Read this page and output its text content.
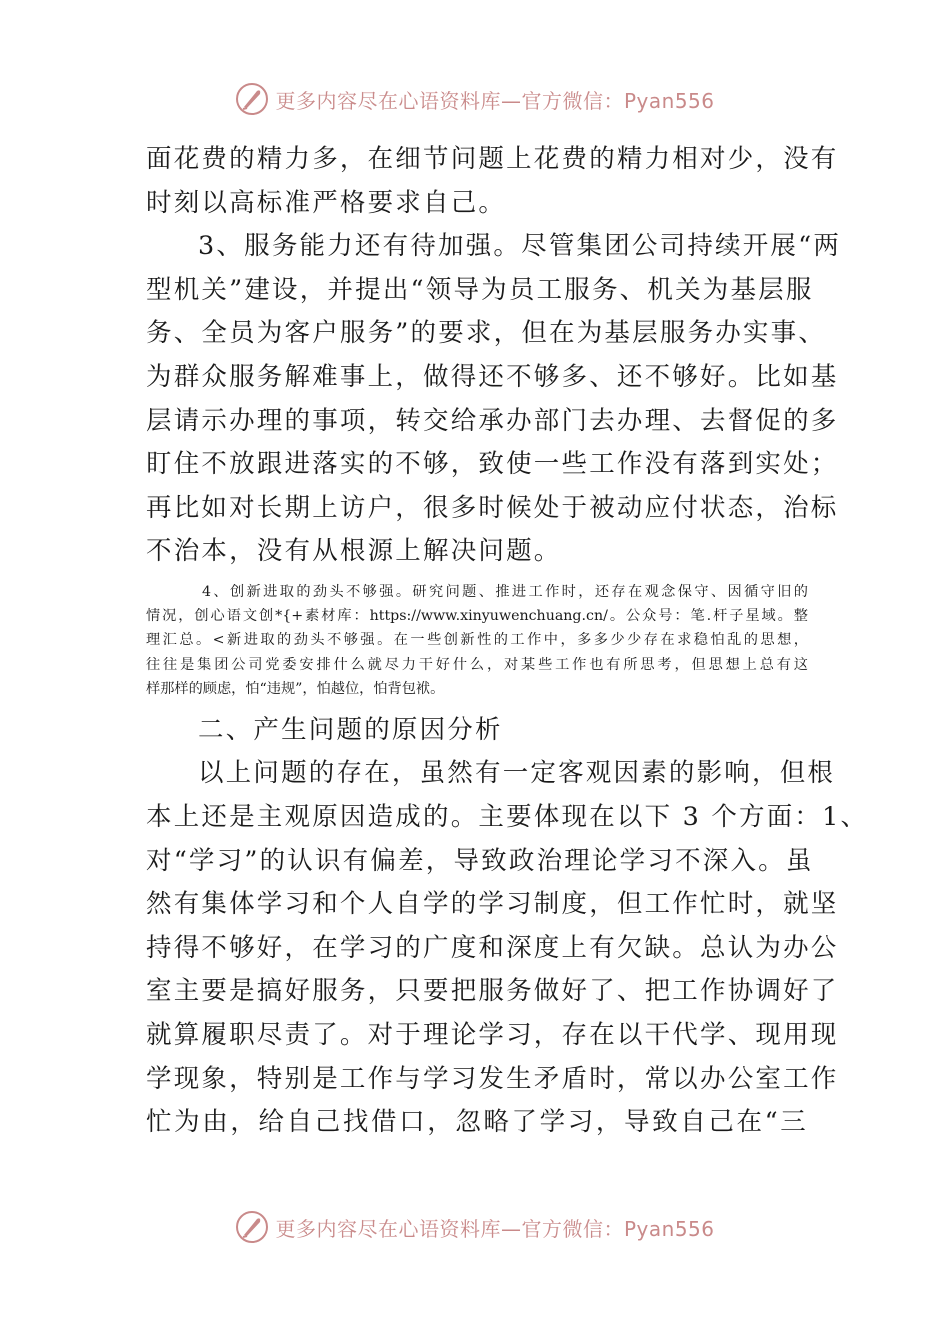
更多内容尽在心语资料库—官方微信：Pyan556
面花费的精力多，在细节问题上花费的精力相对少，没有
时刻以高标准严格要求自己。
3、服务能力还有待加强。尽管集团公司持续开展“两
型机关”建设，并提出“领导为员工服务、机关为基层服
务、全员为客户服务”的要求，但在为基层服务办实事、
为群众服务解难事上，做得还不够多、还不够好。比如基
层请示办理的事项，转交给承办部门去办理、去督促的多
盯住不放跟进落实的不够，致使一些工作没有落到实处；
再比如对长期上访户，很多时候处于被动应付状态，治标
不治本，没有从根源上解决问题。
4、创新进取的劲头不够强。研究问题、推进工作时，还存在观念保守、因循守旧的
情况，创心语文创*{+素材库：https://www.xinyuwenchuang.cn/。公众号：笔.杆子星域。整
理汇总。<新进取的劲头不够强。在一些创新性的工作中，多多少少存在求稳怕乱的思想，
往往是集团公司党委安排什么就尽力干好什么，对某些工作也有所思考，但思想上总有这
样那样的顾虑，怕“违规”，怕越位，怕背包袱。
二、产生问题的原因分析
以上问题的存在，虽然有一定客观因素的影响，但根
本上还是主观原因造成的。主要体现在以下 3 个方面：1、
对“学习”的认识有偏差，导致政治理论学习不深入。虽
然有集体学习和个人自学的学习制度，但工作忙时，就坚
持得不够好，在学习的广度和深度上有欠缺。总认为办公
室主要是搞好服务，只要把服务做好了、把工作协调好了
就算履职尽责了。对于理论学习，存在以干代学、现用现
学现象，特别是工作与学习发生矛盾时，常以办公室工作
忙为由，给自己找借口，忽略了学习，导致自己在“三
更多内容尽在心语资料库—官方微信：Pyan556
